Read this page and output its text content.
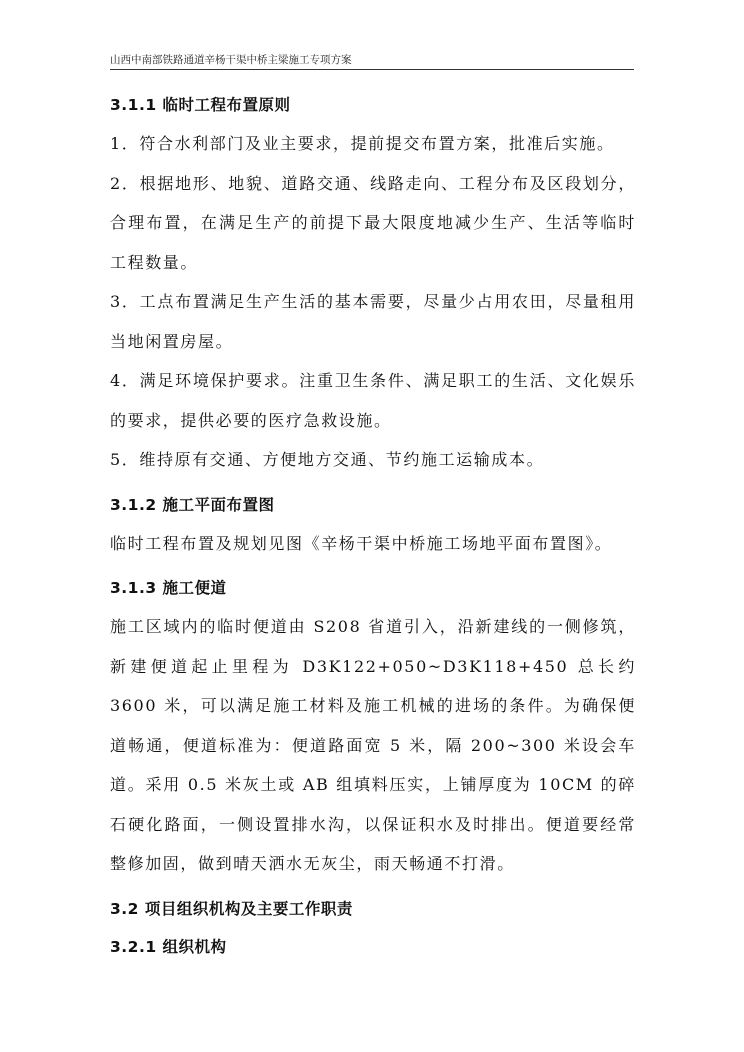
山西中南部铁路通道辛杨干渠中桥主梁施工专项方案
3.1.1 临时工程布置原则

1．符合水利部门及业主要求，提前提交布置方案，批准后实施。

2．根据地形、地貌、道路交通、线路走向、工程分布及区段划分，合理布置，在满足生产的前提下最大限度地减少生产、生活等临时工程数量。

3．工点布置满足生产生活的基本需要，尽量少占用农田，尽量租用当地闲置房屋。

4．满足环境保护要求。注重卫生条件、满足职工的生活、文化娱乐的要求，提供必要的医疗急救设施。

5．维持原有交通、方便地方交通、节约施工运输成本。

3.1.2 施工平面布置图

临时工程布置及规划见图《辛杨干渠中桥施工场地平面布置图》。

3.1.3 施工便道

施工区域内的临时便道由 S208 省道引入，沿新建线的一侧修筑，新建便道起止里程为 D3K122+050~D3K118+450 总长约 3600 米，可以满足施工材料及施工机械的进场的条件。为确保便道畅通，便道标准为：便道路面宽 5 米，隔 200~300 米设会车道。采用 0.5 米灰土或 AB 组填料压实，上铺厚度为 10CM 的碎石硬化路面，一侧设置排水沟，以保证积水及时排出。便道要经常整修加固，做到晴天洒水无灰尘，雨天畅通不打滑。

3.2 项目组织机构及主要工作职责
3.2.1 组织机构
